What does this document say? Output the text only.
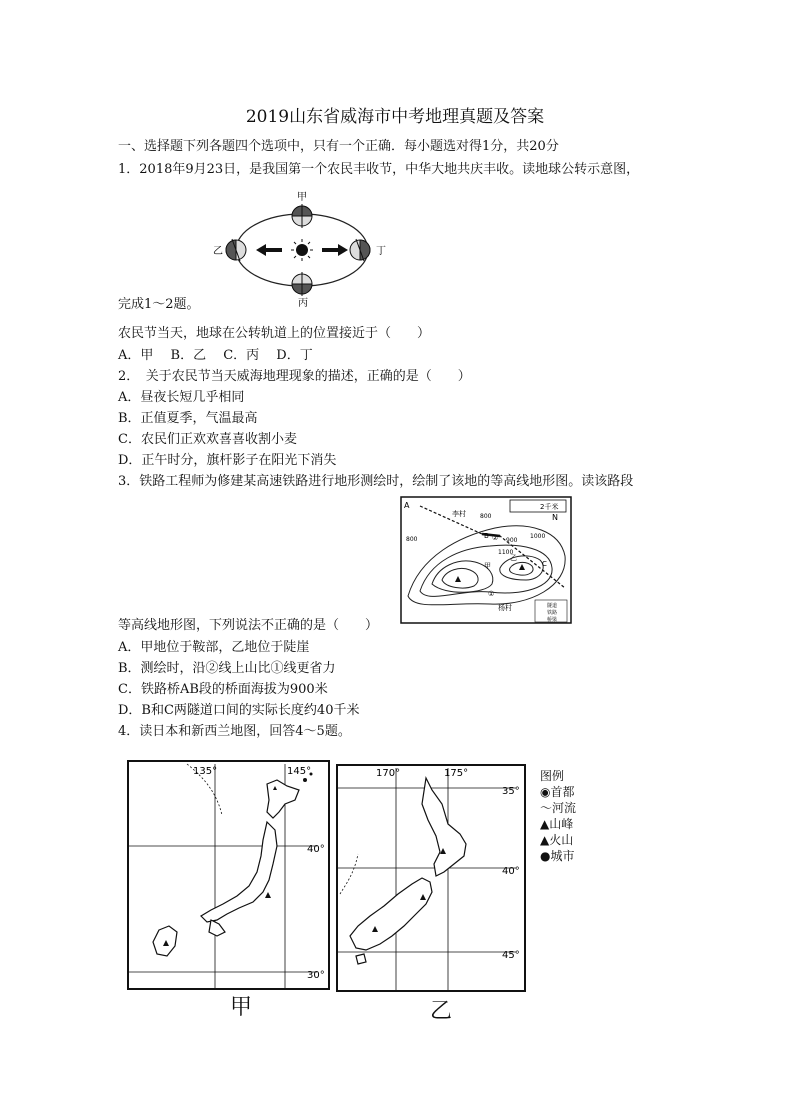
2019山东省威海市中考地理真题及答案
一、选择题下列各题四个选项中，只有一个正确．每小题选对得1分，共20分
1．2018年9月23日，是我国第一个农民丰收节，中华大地共庆丰收。读地球公转示意图，
甲
乙
丙
丁
完成1～2题。
农民节当天，地球在公转轨道上的位置接近于（　　）
A．甲　 B．乙　 C．丙　 D．丁
2．　关于农民节当天威海地理现象的描述，正确的是（　　）
A．昼夜长短几乎相同
B．正值夏季，气温最高
C．农民们正欢欢喜喜收割小麦
D．正午时分，旗杆影子在阳光下消失
3．铁路工程师为修建某高速铁路进行地形测绘时，绘制了该地的等高线地形图。读该路段
2千米
N
A
李村 800
800	B
C
900
1000
1100
甲
乙
①
②
杨村	隧道
铁路
桥梁
等高线地形图，下列说法不正确的是（　　）
A．甲地位于鞍部，乙地位于陡崖
B．测绘时，沿②线上山比①线更省力
C．铁路桥AB段的桥面海拔为900米
D．B和C两隧道口间的实际长度约40千米
4．读日本和新西兰地图，回答4～5题。
135°	145°
40°
30°
170°	175°
35°
40°
45°
图例
◉首都
～河流
▲山峰
▲火山
●城市
甲	乙
